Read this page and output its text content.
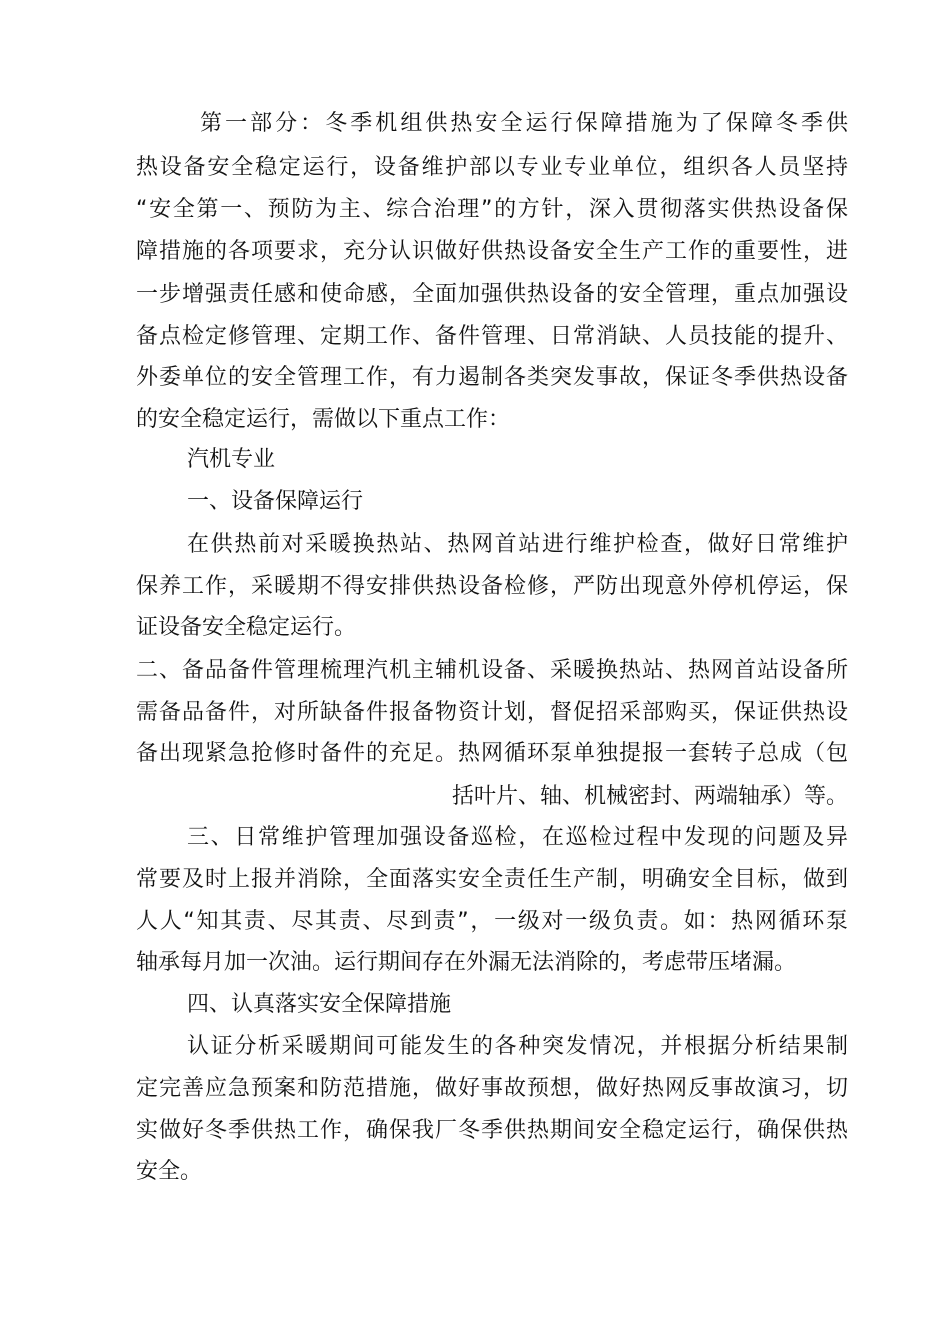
第一部分：冬季机组供热安全运行保障措施为了保障冬季供
热设备安全稳定运行，设备维护部以专业专业单位，组织各人员坚持
“安全第一、预防为主、综合治理”的方针，深入贯彻落实供热设备保
障措施的各项要求，充分认识做好供热设备安全生产工作的重要性，进
一步增强责任感和使命感，全面加强供热设备的安全管理，重点加强设
备点检定修管理、定期工作、备件管理、日常消缺、人员技能的提升、
外委单位的安全管理工作，有力遏制各类突发事故，保证冬季供热设备
的安全稳定运行，需做以下重点工作：
汽机专业
一、设备保障运行
在供热前对采暖换热站、热网首站进行维护检查，做好日常维护
保养工作，采暖期不得安排供热设备检修，严防出现意外停机停运，保
证设备安全稳定运行。
二、备品备件管理梳理汽机主辅机设备、采暖换热站、热网首站设备所
需备品备件，对所缺备件报备物资计划，督促招采部购买，保证供热设
备出现紧急抢修时备件的充足。热网循环泵单独提报一套转子总成（包
括叶片、轴、机械密封、两端轴承）等。
三、日常维护管理加强设备巡检，在巡检过程中发现的问题及异
常要及时上报并消除，全面落实安全责任生产制，明确安全目标，做到
人人“知其责、尽其责、尽到责”，一级对一级负责。如：热网循环泵
轴承每月加一次油。运行期间存在外漏无法消除的，考虑带压堵漏。
四、认真落实安全保障措施
认证分析采暖期间可能发生的各种突发情况，并根据分析结果制
定完善应急预案和防范措施，做好事故预想，做好热网反事故演习，切
实做好冬季供热工作，确保我厂冬季供热期间安全稳定运行，确保供热
安全。
